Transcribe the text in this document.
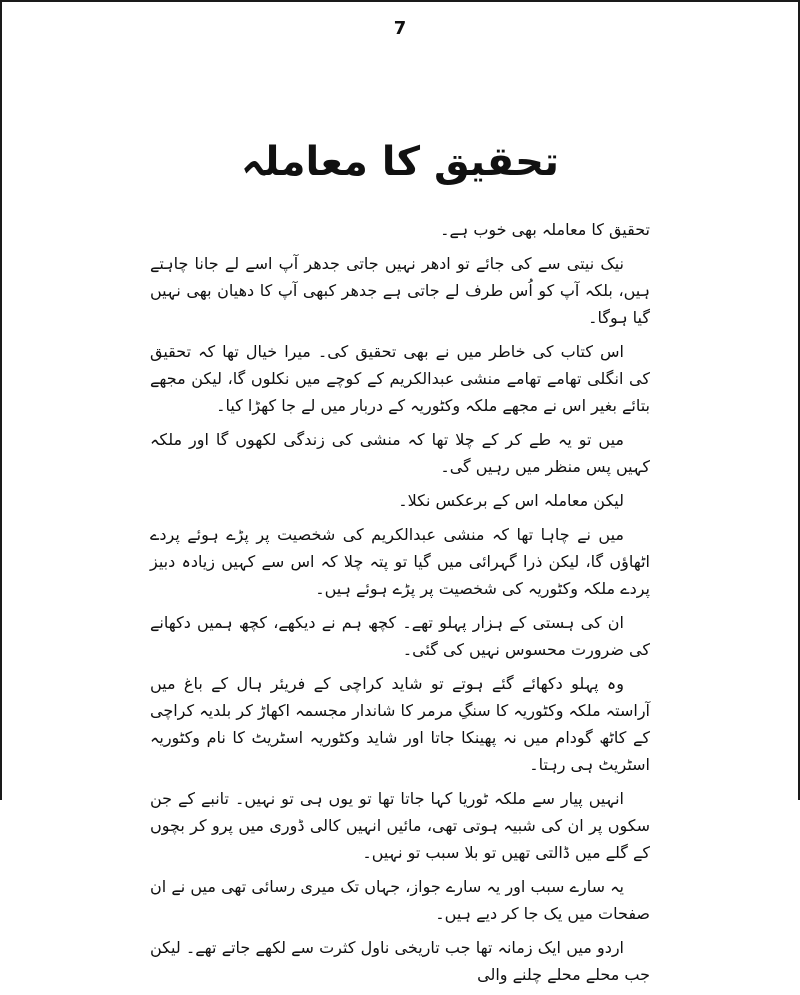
7
تحقیق کا معاملہ

تحقیق کا معاملہ بھی خوب ہے۔

نیک نیتی سے کی جائے تو ادھر نہیں جاتی جدھر آپ اسے لے جانا چاہتے ہیں، بلکہ آپ کو اُس طرف لے جاتی ہے جدھر کبھی آپ کا دھیان بھی نہیں گیا ہوگا۔

اس کتاب کی خاطر میں نے بھی تحقیق کی۔ میرا خیال تھا کہ تحقیق کی انگلی تھامے تھامے منشی عبدالکریم کے کوچے میں نکلوں گا، لیکن مجھے بتائے بغیر اس نے مجھے ملکہ وکٹوریہ کے دربار میں لے جا کھڑا کیا۔

میں تو یہ طے کر کے چلا تھا کہ منشی کی زندگی لکھوں گا اور ملکہ کہیں پس منظر میں رہیں گی۔

لیکن معاملہ اس کے برعکس نکلا۔

میں نے چاہا تھا کہ منشی عبدالکریم کی شخصیت پر پڑے ہوئے پردے اٹھاؤں گا، لیکن ذرا گہرائی میں گیا تو پتہ چلا کہ اس سے کہیں زیادہ دبیز پردے ملکہ وکٹوریہ کی شخصیت پر پڑے ہوئے ہیں۔

ان کی ہستی کے ہزار پہلو تھے۔ کچھ ہم نے دیکھے، کچھ ہمیں دکھانے کی ضرورت محسوس نہیں کی گئی۔

وہ پہلو دکھائے گئے ہوتے تو شاید کراچی کے فریئر ہال کے باغ میں آراستہ ملکہ وکٹوریہ کا سنگِ مرمر کا شاندار مجسمہ اکھاڑ کر بلدیہ کراچی کے کاٹھ گودام میں نہ پھینکا جاتا اور شاید وکٹوریہ اسٹریٹ کا نام وکٹوریہ اسٹریٹ ہی رہتا۔

انہیں پیار سے ملکہ ٹوریا کہا جاتا تھا تو یوں ہی تو نہیں۔ تانبے کے جن سکوں پر ان کی شبیہ ہوتی تھی، مائیں انہیں کالی ڈوری میں پرو کر بچوں کے گلے میں ڈالتی تھیں تو بلا سبب تو نہیں۔

یہ سارے سبب اور یہ سارے جواز، جہاں تک میری رسائی تھی میں نے ان صفحات میں یک جا کر دیے ہیں۔

اردو میں ایک زمانہ تھا جب تاریخی ناول کثرت سے لکھے جاتے تھے۔ لیکن جب محلے محلے چلنے والی
